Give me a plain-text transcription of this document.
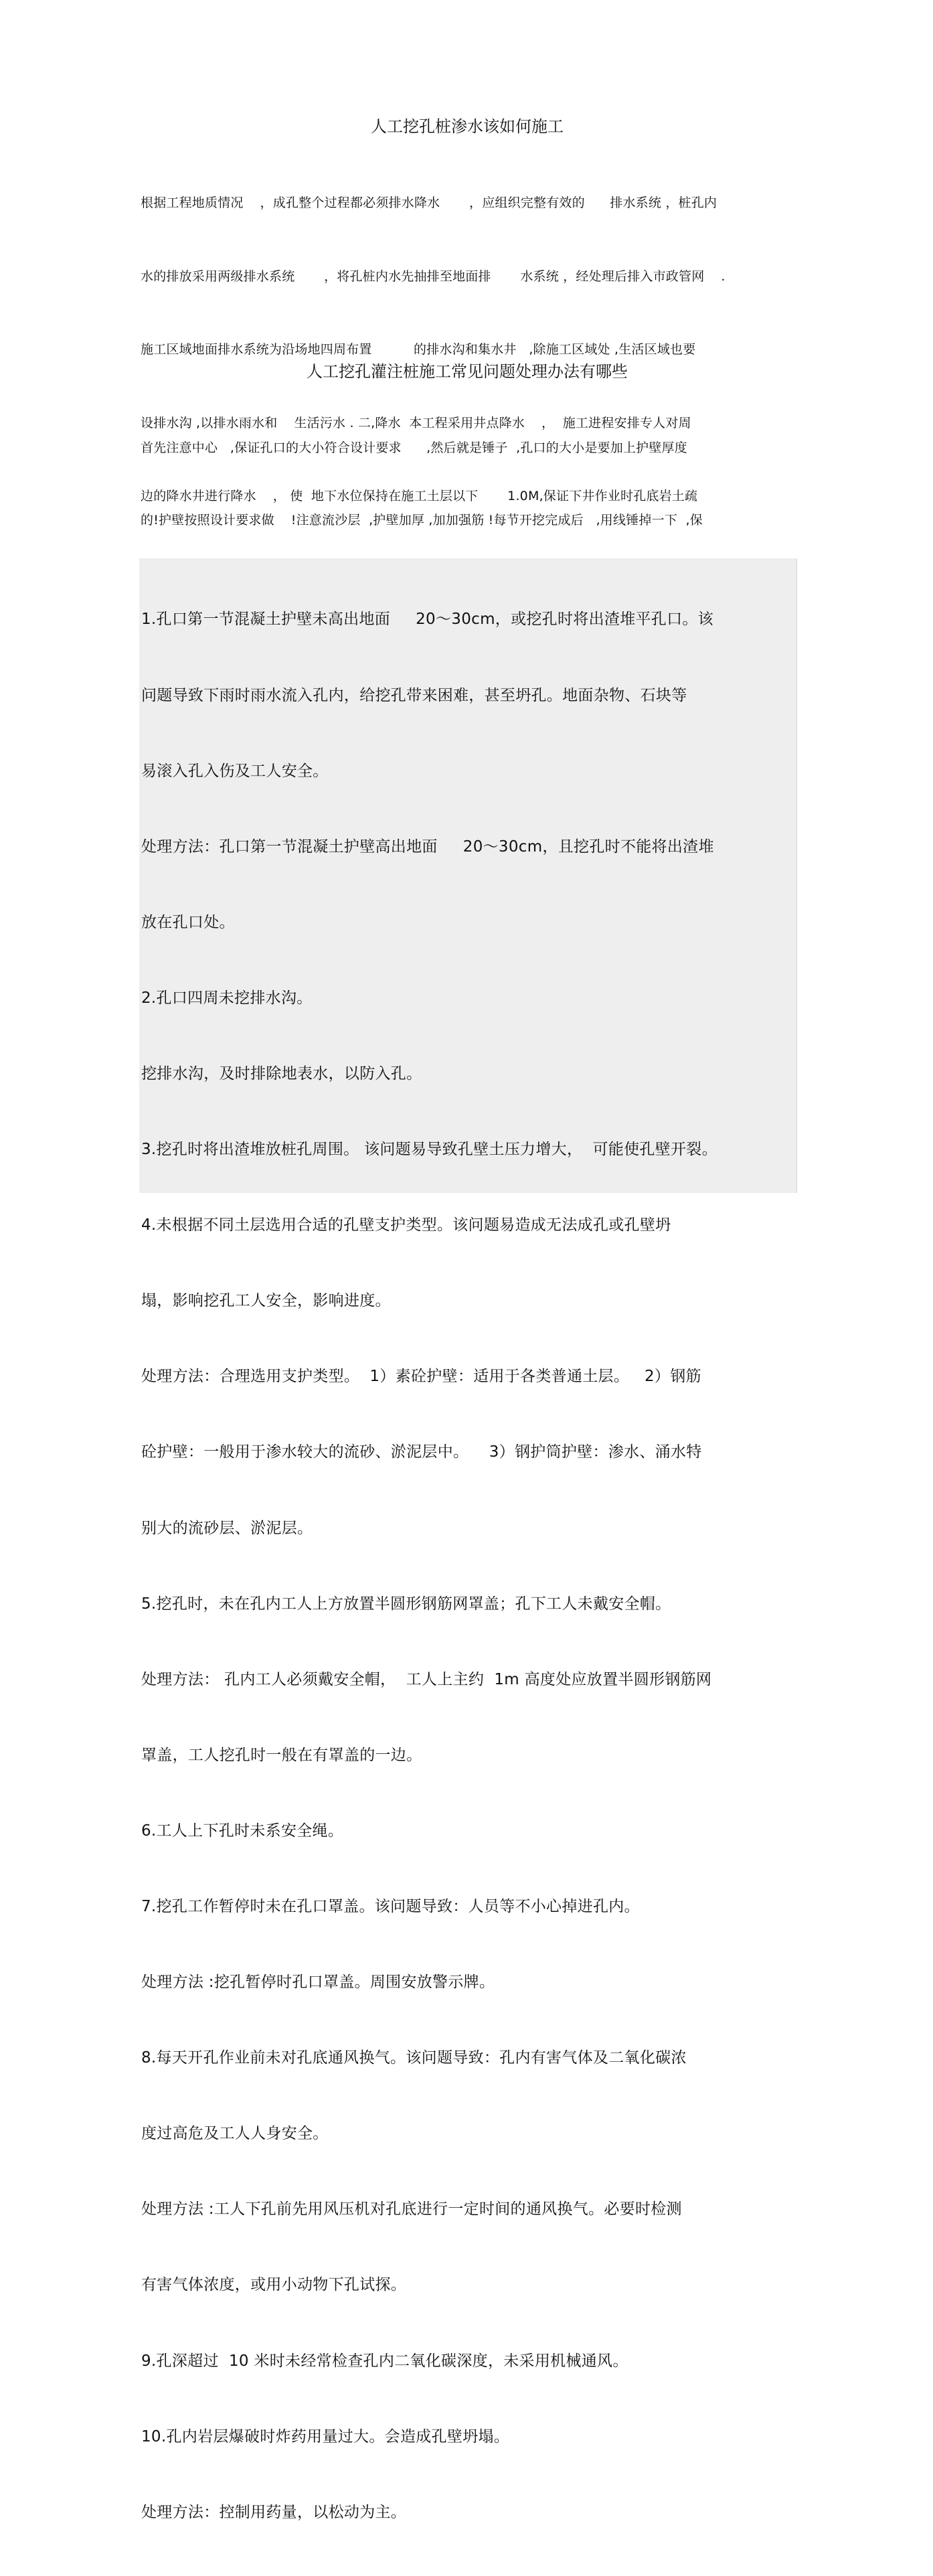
人工挖孔桩渗水该如何施工

根据工程地质情况    ，成孔整个过程都必须排水降水       ，应组织完整有效的      排水系统 ，桩孔内

水的排放采用两级排水系统       ，将孔桩内水先抽排至地面排       水系统 ，经处理后排入市政管网    .

施工区域地面排水系统为沿场地四周布置          的排水沟和集水井   ,除施工区域处 ,生活区域也要

设排水沟 ,以排水雨水和    生活污水 . 二,降水  本工程采用井点降水    ，  施工进程安排专人对周

边的降水井进行降水    ， 使  地下水位保持在施工土层以下       1.0M,保证下井作业时孔底岩土疏

人工挖孔灌注桩施工常见问题处理办法有哪些

首先注意中心   ,保证孔口的大小符合设计要求      ,然后就是锤子  ,孔口的大小是要加上护壁厚度

的!护壁按照设计要求做    !注意流沙层  ,护壁加厚 ,加加强筋 !每节开挖完成后   ,用线锤掉一下  ,保

1.孔口第一节混凝土护壁未高出地面     20～30cm，或挖孔时将出渣堆平孔口。该

问题导致下雨时雨水流入孔内，给挖孔带来困难，甚至坍孔。地面杂物、石块等

易滚入孔入伤及工人安全。

处理方法：孔口第一节混凝土护壁高出地面     20～30cm，且挖孔时不能将出渣堆

放在孔口处。

2.孔口四周未挖排水沟。

挖排水沟，及时排除地表水，以防入孔。

3.挖孔时将出渣堆放桩孔周围。 该问题易导致孔壁土压力增大，  可能使孔壁开裂。

4.未根据不同土层选用合适的孔壁支护类型。该问题易造成无法成孔或孔壁坍

塌，影响挖孔工人安全，影响进度。

处理方法：合理选用支护类型。  1）素砼护壁：适用于各类普通土层。   2）钢筋

砼护壁：一般用于渗水较大的流砂、淤泥层中。    3）钢护筒护壁：渗水、涌水特

别大的流砂层、淤泥层。

5.挖孔时，未在孔内工人上方放置半圆形钢筋网罩盖；孔下工人未戴安全帽。

处理方法： 孔内工人必须戴安全帽，  工人上主约  1m 高度处应放置半圆形钢筋网

罩盖，工人挖孔时一般在有罩盖的一边。

6.工人上下孔时未系安全绳。

7.挖孔工作暂停时未在孔口罩盖。该问题导致：人员等不小心掉进孔内。

处理方法 :挖孔暂停时孔口罩盖。周围安放警示牌。

8.每天开孔作业前未对孔底通风换气。该问题导致：孔内有害气体及二氧化碳浓

度过高危及工人人身安全。

处理方法 :工人下孔前先用风压机对孔底进行一定时间的通风换气。必要时检测

有害气体浓度，或用小动物下孔试探。

9.孔深超过  10 米时未经常检查孔内二氧化碳深度，未采用机械通风。

10.孔内岩层爆破时炸药用量过大。会造成孔壁坍塌。

处理方法：控制用药量，以松动为主。
